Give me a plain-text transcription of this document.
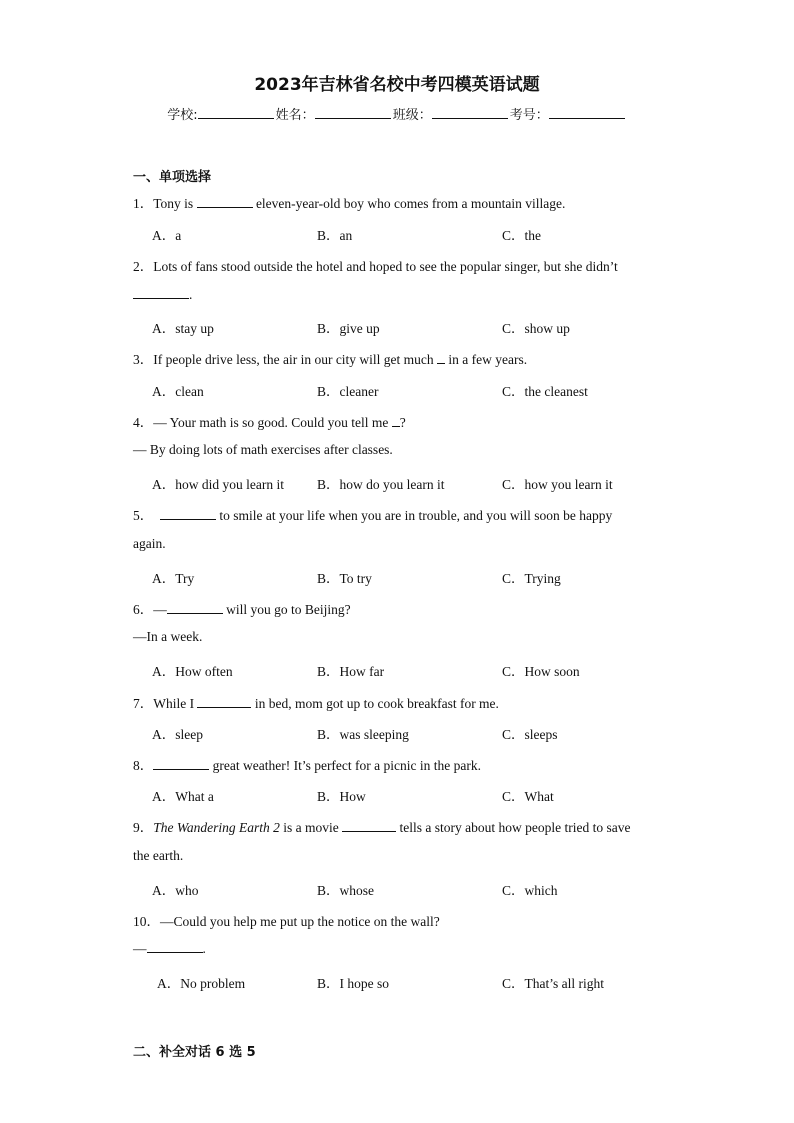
2023年吉林省名校中考四模英语试题
学校:	姓名：	班级：	考号：
一、单项选择
1．Tony is	eleven-year-old boy who comes from a mountain village.
A．a	B．an	C．the
2．Lots of fans stood outside the hotel and hoped to see the popular singer, but she didn’t
.
A．stay up	B．give up	C．show up
3．If people drive less, the air in our city will get much  in a few years.
A．clean	B．cleaner	C．the cleanest
4．— Your math is so good. Could you tell me ?
— By doing lots of math exercises after classes.
A．how did you learn it B．how do you learn it	C．how you learn it
5．	to smile at your life when you are in trouble, and you will soon be happy
again.
A．Try	B．To try	C．Trying
6．—	will you go to Beijing?
—In a week.
A．How often	B．How far	C．How soon
7．While I	in bed, mom got up to cook breakfast for me.
A．sleep	B．was sleeping	C．sleeps
8．	great weather! It’s perfect for a picnic in the park.
A．What a	B．How	C．What
9．The Wandering Earth 2 is a movie	tells a story about how people tried to save
the earth.
A．who	B．whose	C．which
10．—Could you help me put up the notice on the wall?
—	.
A．No problem	B．I hope so	C．That’s all right
二、补全对话 6 选 5
